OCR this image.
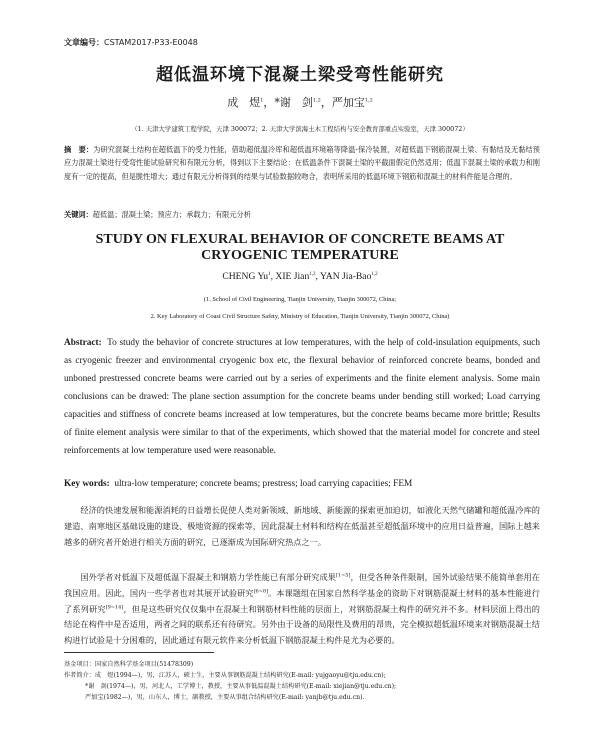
文章编号：CSTAM2017-P33-E0048
超低温环境下混凝土梁受弯性能研究
成　煜$^1$，*谢　剑$^{1,2}$，严加宝$^{1,2}$
（1. 天津大学建筑工程学院，天津 300072；2. 天津大学滨海土木工程结构与安全教育部重点实验室，天津 300072）
摘　要：为研究混凝土结构在超低温下的受力性能，借助超低温冷库和超低温环境箱等降温-保冷装置，对超低温下钢筋混凝土梁、有黏结及无黏结预应力混凝土梁进行受弯性能试验研究和有限元分析，得到以下主要结论：在低温条件下混凝土梁的平截面假定仍然适用；低温下混凝土梁的承载力和刚度有一定的提高，但是脆性增大；通过有限元分析得到的结果与试验数据较吻合，表明所采用的低温环境下钢筋和混凝土的材料件能是合理的。
关键词：超低温；混凝土梁；预应力；承载力；有限元分析
STUDY ON FLEXURAL BEHAVIOR OF CONCRETE BEAMS AT
CRYOGENIC TEMPERATURE
CHENG Yu$^1$, XIE Jian$^{1,2}$, YAN Jia-Bao$^{1,2}$
(1. School of Civil Engineering, Tianjin University, Tianjin 300072, China;
2. Key Laboratory of Coast Civil Structure Safety, Ministry of Education, Tianjin University, Tianjin 300072, China)
Abstract: To study the behavior of concrete structures at low temperatures, with the help of cold-insulation equipments, such as cryogenic freezer and environmental cryogenic box etc, the flexural behavior of reinforced concrete beams, bonded and unboned prestressed concrete beams were carried out by a series of experiments and the finite element analysis. Some main conclusions can be drawed: The plane section assumption for the concrete beams under bending still worked; Load carrying capacities and stiffness of concrete beams increased at low temperatures, but the concrete beams became more brittle; Results of finite element analysis were similar to that of the experiments, which showed that the material model for concrete and steel reinforcements at low temperature used were reasonable.
Key words: ultra-low temperature; concrete beams; prestress; load carrying capacities; FEM

经济的快速发展和能源消耗的日益增长促使人类对新领域、新地域、新能源的探索更加迫切，如液化天然气储罐和超低温冷库的建造、南寒地区基础设施的建设、极地资源的探索等，因此混凝土材料和结构在低温甚至超低温环境中的应用日益普遍，国际上越来越多的研究者开始进行相关方面的研究，已逐渐成为国际研究热点之一。

国外学者对低温下及超低温下混凝土和钢筋力学性能已有部分研究成果[1~5]，但受各种条件限制，国外试验结果不能简单套用在我国应用。因此，国内一些学者也对其展开试验研究[6~8]。本课题组在国家自然科学基金的资助下对钢筋混凝土材料的基本性能进行了系列研究[9~14]，但是这些研究仅仅集中在混凝土和钢筋材料性能的层面上，对钢筋混凝土构件的研究并不多。材料层面上得出的结论在构件中是否适用，两者之间的联系还有待研究。另外由于设备的局限性及费用的昂贵，完全模拟超低温环境来对钢筋混凝土结构进行试验是十分困难的，因此通过有限元软件来分析低温下钢筋混凝土构件是尤为必要的。

基金项目：国家自然科学基金项目(51478309)
作者简介：成　煜(1994—)，男，江苏人，硕士生，主要从事钢筋混凝土结构研究(E-mail: yujgaoyu@tju.edu.cn);
*谢　剑(1974—)，男，河北人，工学博士，教授，主要从事低温混凝土结构研究(E-mail: xiejian@tju.edu.cn);
严加宝(1982—)，男，山东人，博士，副教授，主要从事组合结构研究(E-mail: yanjb@tju.edu.cn).
